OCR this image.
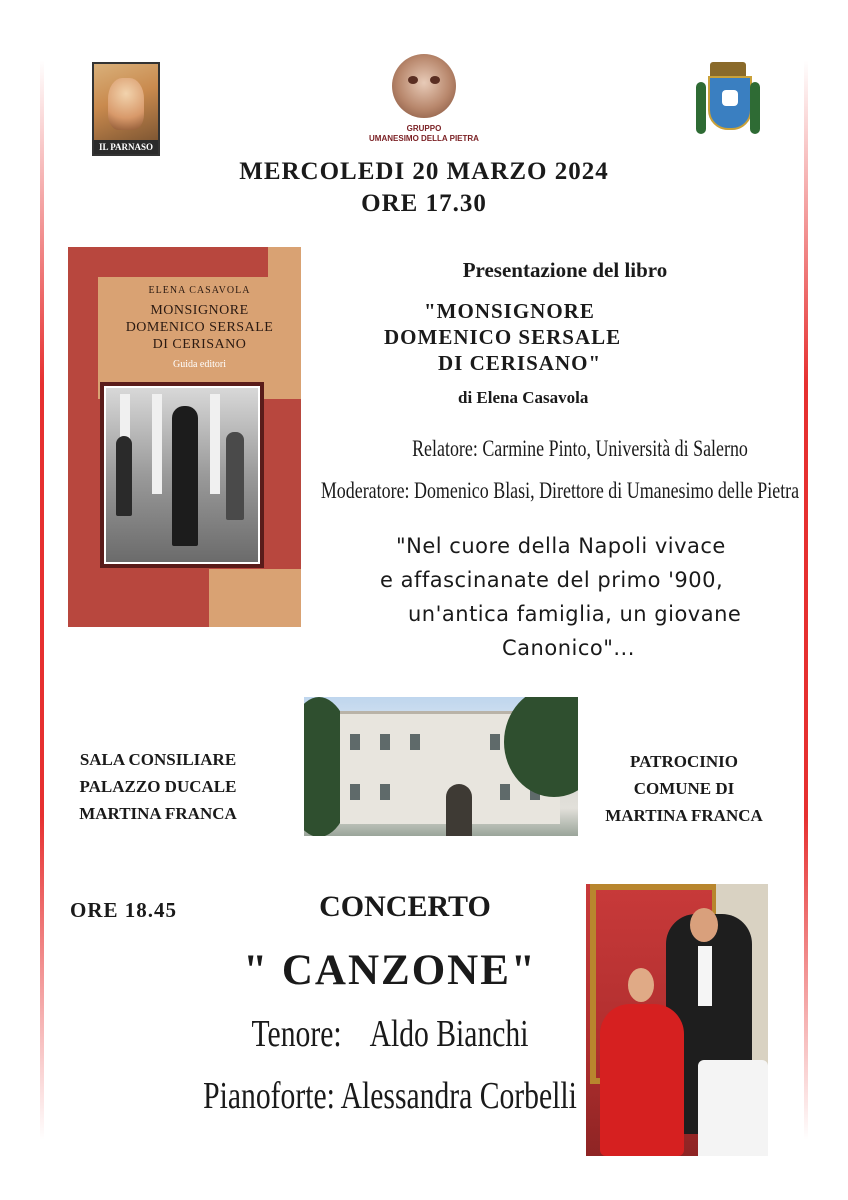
IL PARNASO
GRUPPO
UMANESIMO DELLA PIETRA
MERCOLEDI 20 MARZO 2024
ORE 17.30
ELENA CASAVOLA
MONSIGNORE
DOMENICO SERSALE
DI CERISANO
Guida editori
Presentazione del libro
"MONSIGNORE
DOMENICO SERSALE
DI CERISANO"
di Elena Casavola
Relatore: Carmine Pinto, Università di Salerno
Moderatore: Domenico Blasi, Direttore di Umanesimo delle Pietra
"Nel cuore della Napoli vivace
e affascinanate del primo '900,
un'antica famiglia, un giovane
Canonico"...
SALA CONSILIARE
PALAZZO DUCALE
MARTINA FRANCA
PATROCINIO
COMUNE DI
MARTINA FRANCA
ORE 18.45	CONCERTO
" CANZONE"
Tenore:    Aldo Bianchi
Pianoforte: Alessandra Corbelli
